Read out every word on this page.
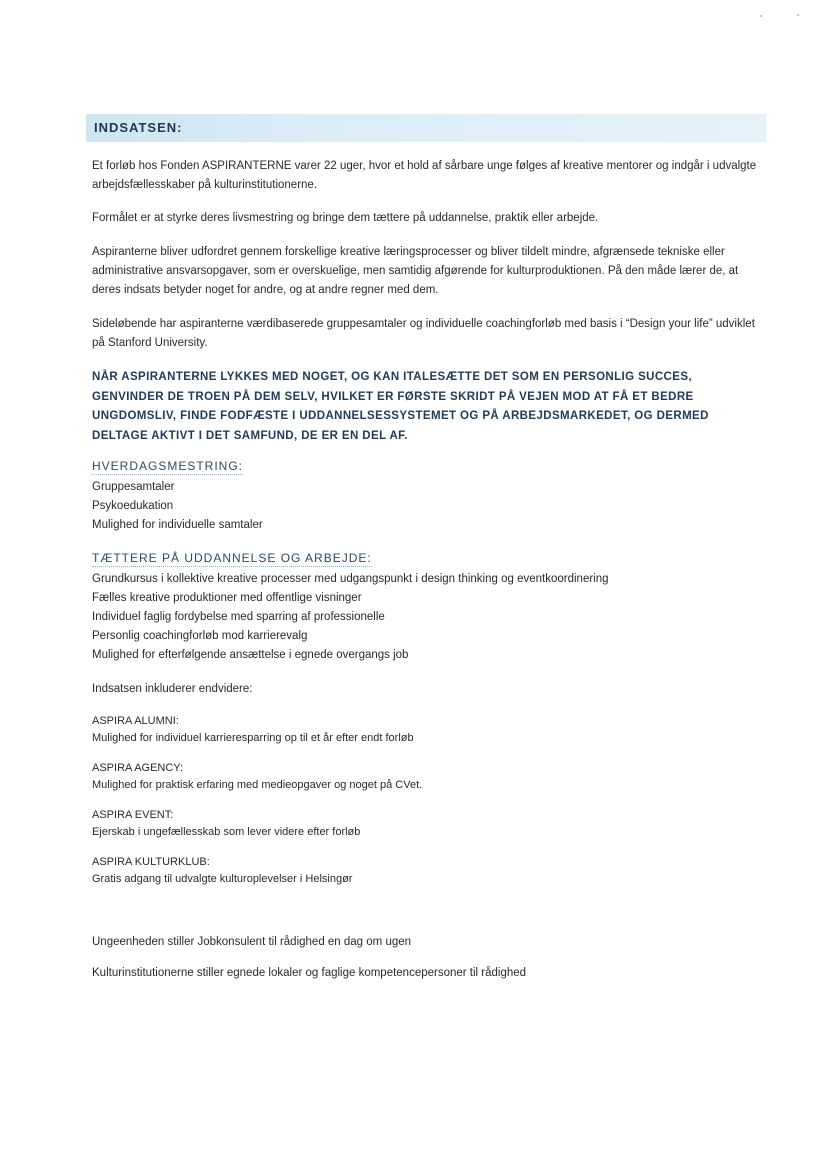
INDSATSEN:

Et forløb hos Fonden ASPIRANTERNE varer 22 uger, hvor et hold af sårbare unge følges af kreative mentorer og indgår i udvalgte arbejdsfællesskaber på kulturinstitutionerne.

Formålet er at styrke deres livsmestring og bringe dem tættere på uddannelse, praktik eller arbejde.

Aspiranterne bliver udfordret gennem forskellige kreative læringsprocesser og bliver tildelt mindre, afgrænsede tekniske eller administrative ansvarsopgaver, som er overskuelige, men samtidig afgørende for kulturproduktionen. På den måde lærer de, at deres indsats betyder noget for andre, og at andre regner med dem.

Sideløbende har aspiranterne værdibaserede gruppesamtaler og individuelle coachingforløb med basis i “Design your life” udviklet på Stanford University.

NÅR ASPIRANTERNE LYKKES MED NOGET, OG KAN ITALESÆTTE DET SOM EN PERSONLIG SUCCES, GENVINDER DE TROEN PÅ DEM SELV, HVILKET ER FØRSTE SKRIDT PÅ VEJEN MOD AT FÅ ET BEDRE UNGDOMSLIV, FINDE FODFÆSTE I UDDANNELSESSYSTEMET OG PÅ ARBEJDSMARKEDET, OG DERMED DELTAGE AKTIVT I DET SAMFUND, DE ER EN DEL AF.

HVERDAGSMESTRING:
Gruppesamtaler
Psykoedukation
Mulighed for individuelle samtaler
TÆTTERE PÅ UDDANNELSE OG ARBEJDE:
Grundkursus i kollektive kreative processer med udgangspunkt i design thinking og eventkoordinering
Fælles kreative produktioner med offentlige visninger
Individuel faglig fordybelse med sparring af professionelle
Personlig coachingforløb mod karrierevalg
Mulighed for efterfølgende ansættelse i egnede overgangs job

Indsatsen inkluderer endvidere:

ASPIRA ALUMNI:
Mulighed for individuel karrieresparring op til et år efter endt forløb
ASPIRA AGENCY:
Mulighed for praktisk erfaring med medieopgaver og noget på CVet.
ASPIRA EVENT:
Ejerskab i ungefællesskab som lever videre efter forløb
ASPIRA KULTURKLUB:
Gratis adgang til udvalgte kulturoplevelser i Helsingør

Ungeenheden stiller Jobkonsulent til rådighed en dag om ugen

Kulturinstitutionerne stiller egnede lokaler og faglige kompetencepersoner til rådighed
